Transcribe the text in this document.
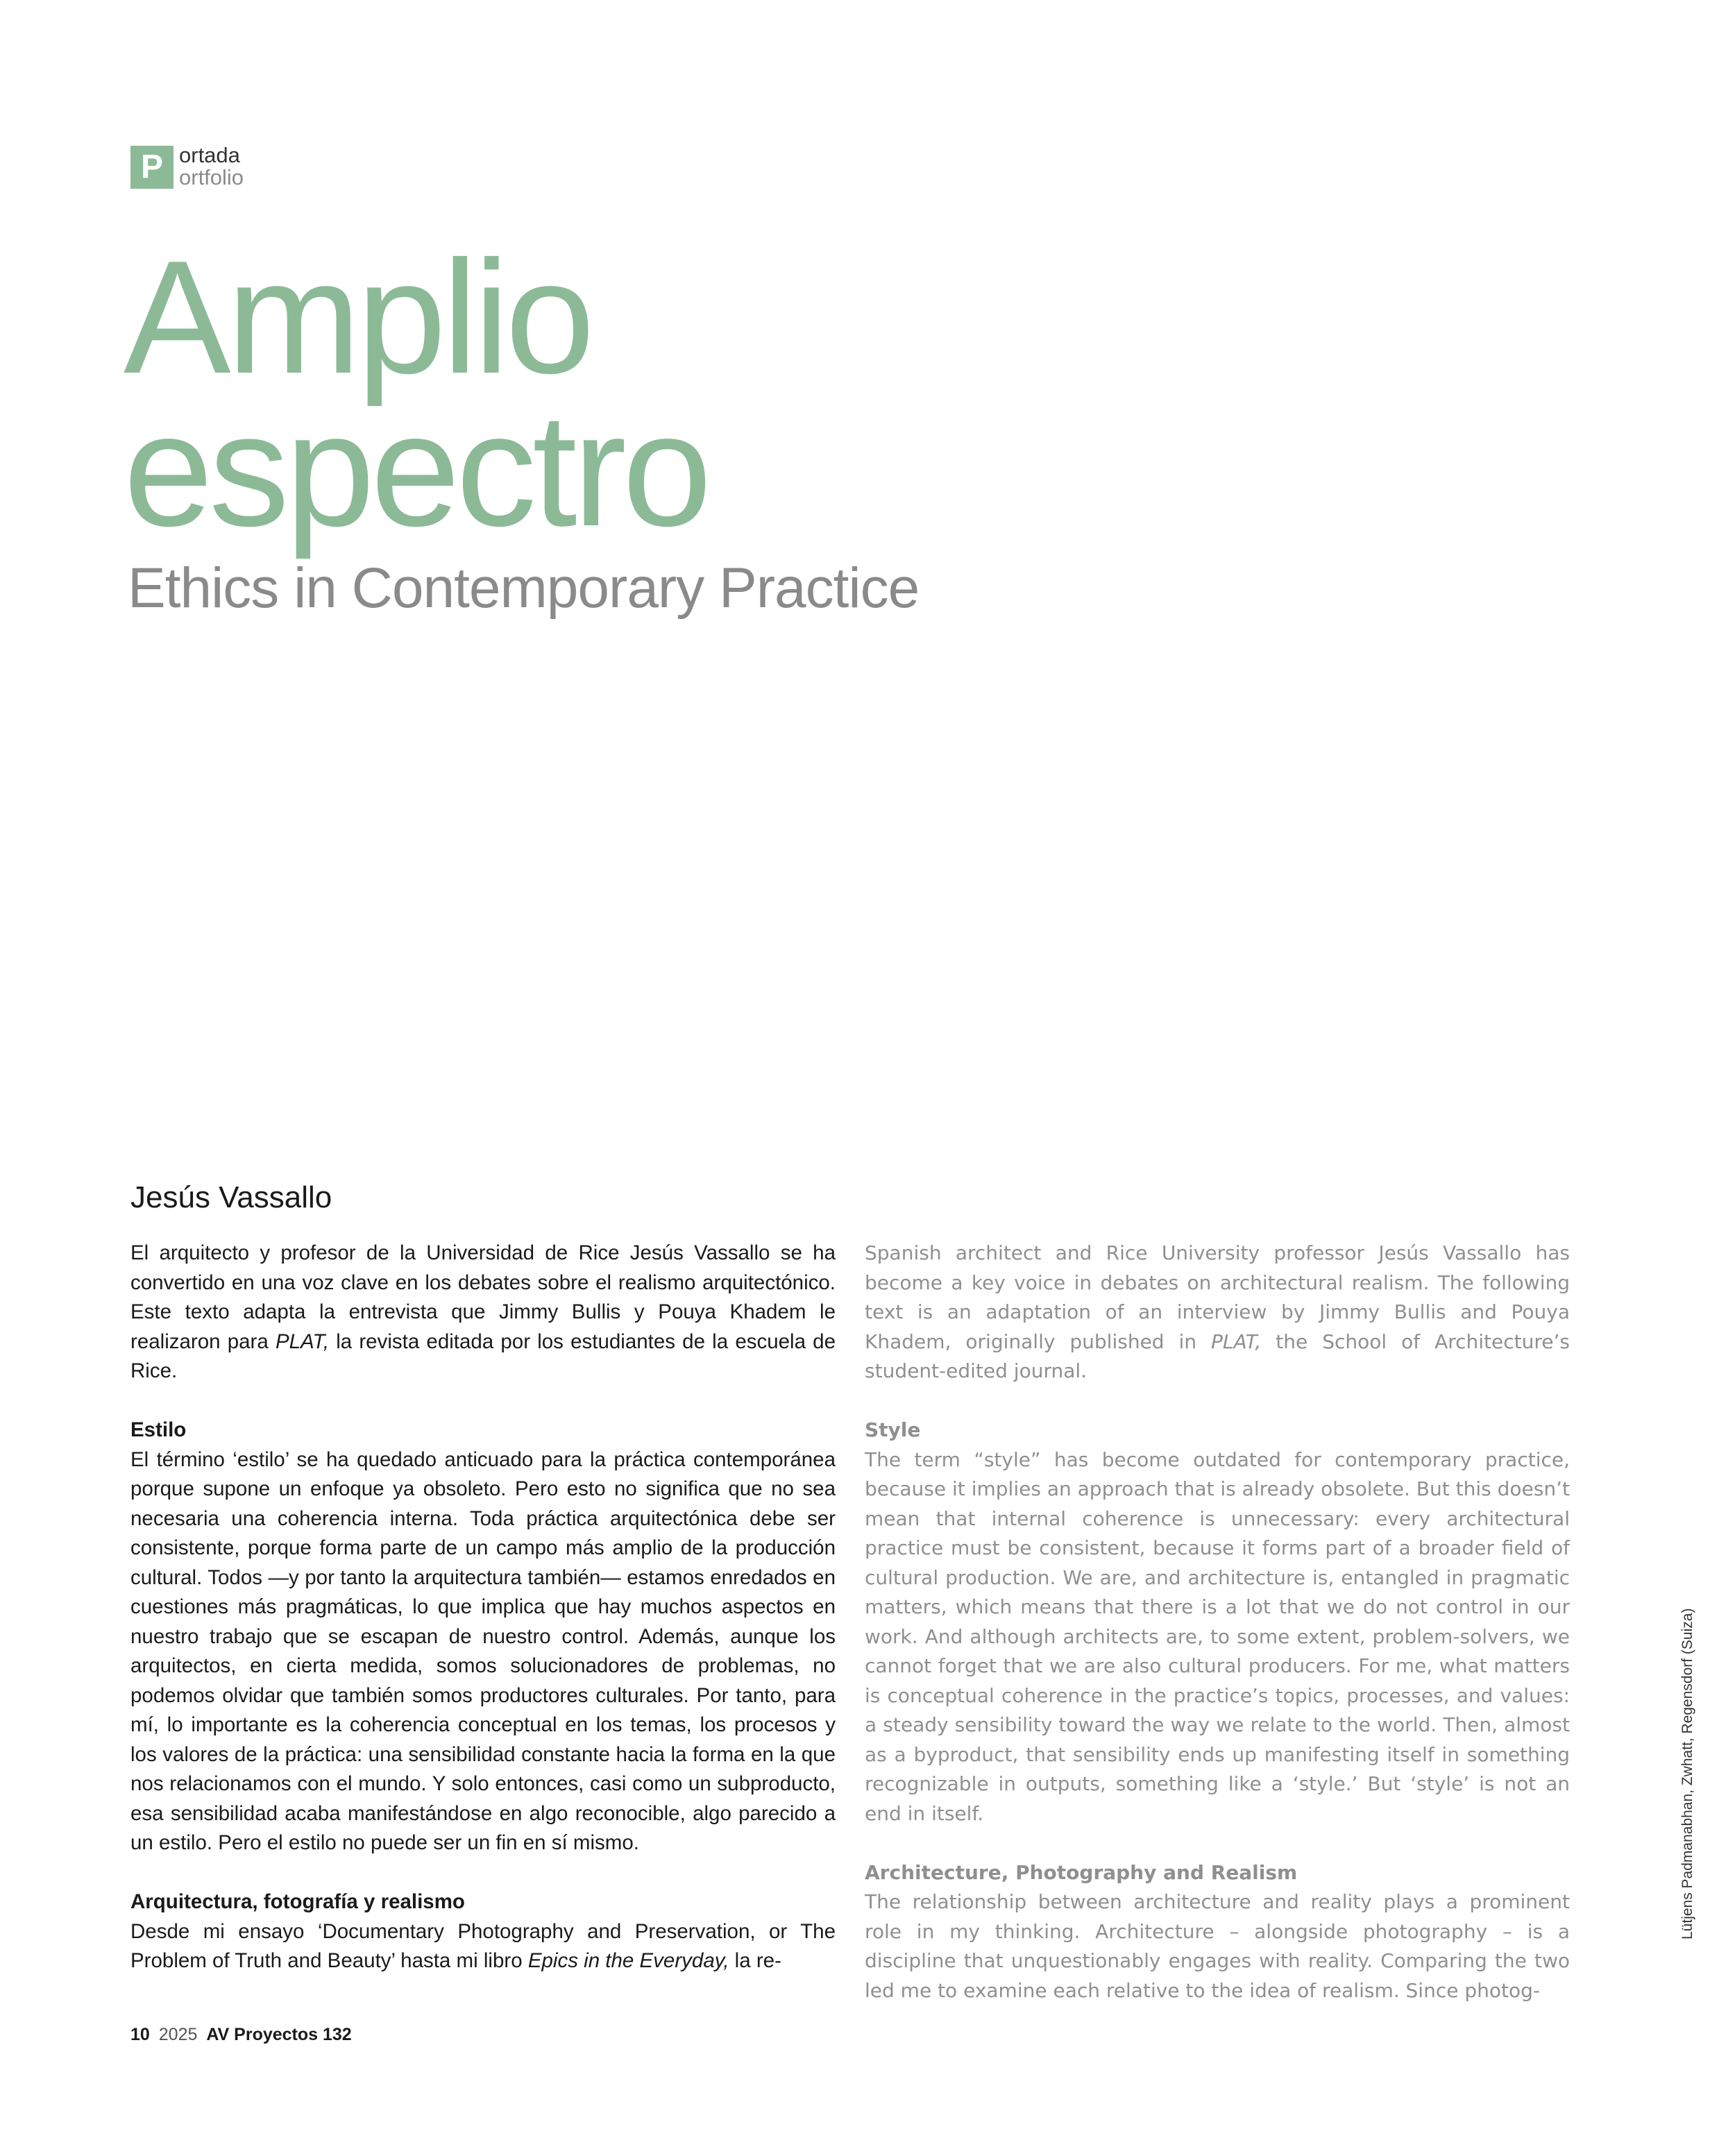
P ortada
ortfolio
Amplio
espectro
Ethics in Contemporary Practice
Jesús Vassallo

El arquitecto y profesor de la Universidad de Rice Jesús Vassallo se ha convertido en una voz clave en los debates sobre el realismo arquitectónico. Este texto adapta la entrevista que Jimmy Bullis y Pouya Khadem le realizaron para PLAT, la revista editada por los estudiantes de la escuela de Rice.

Estilo

El término ‘estilo’ se ha quedado anticuado para la práctica contemporánea porque supone un enfoque ya obsoleto. Pero esto no significa que no sea necesaria una coherencia interna. Toda práctica arquitectónica debe ser consistente, porque forma parte de un campo más amplio de la producción cultural. Todos —y por tanto la arquitectura también— estamos enredados en cuestiones más pragmáticas, lo que implica que hay muchos aspectos en nuestro trabajo que se escapan de nuestro control. Además, aunque los arquitectos, en cierta medida, somos solucionadores de problemas, no podemos olvidar que también somos productores culturales. Por tanto, para mí, lo importante es la coherencia conceptual en los temas, los procesos y los valores de la práctica: una sensibilidad constante hacia la forma en la que nos relacionamos con el mundo. Y solo entonces, casi como un subproducto, esa sensibilidad acaba manifestándose en algo reconocible, algo parecido a un estilo. Pero el estilo no puede ser un fin en sí mismo.

Arquitectura, fotografía y realismo

Desde mi ensayo ‘Documentary Photography and Preservation, or The Problem of Truth and Beauty’ hasta mi libro Epics in the Everyday, la re-

Spanish architect and Rice University professor Jesús Vassallo has become a key voice in debates on architectural realism. The following text is an adaptation of an interview by Jimmy Bullis and Pouya Khadem, originally published in PLAT, the School of Architecture’s student-edited journal.

Style

The term “style” has become outdated for contemporary practice, because it implies an approach that is already obsolete. But this doesn’t mean that internal coherence is unnecessary: every architectural practice must be consistent, because it forms part of a broader field of cultural production. We are, and architecture is, entangled in pragmatic matters, which means that there is a lot that we do not control in our work. And although architects are, to some extent, problem-solvers, we cannot forget that we are also cultural producers. For me, what matters is conceptual coherence in the practice’s topics, processes, and values: a steady sensibility toward the way we relate to the world. Then, almost as a byproduct, that sensibility ends up manifesting itself in something recognizable in outputs, something like a ‘style.’ But ‘style’ is not an end in itself.

Architecture, Photography and Realism

The relationship between architecture and reality plays a prominent role in my thinking. Architecture – alongside photography – is a discipline that unquestionably engages with reality. Comparing the two led me to examine each relative to the idea of realism. Since photog-

Lütjens Padmanabhan, Zwhatt, Regensdorf (Suiza)
10 2025 AV Proyectos 132
